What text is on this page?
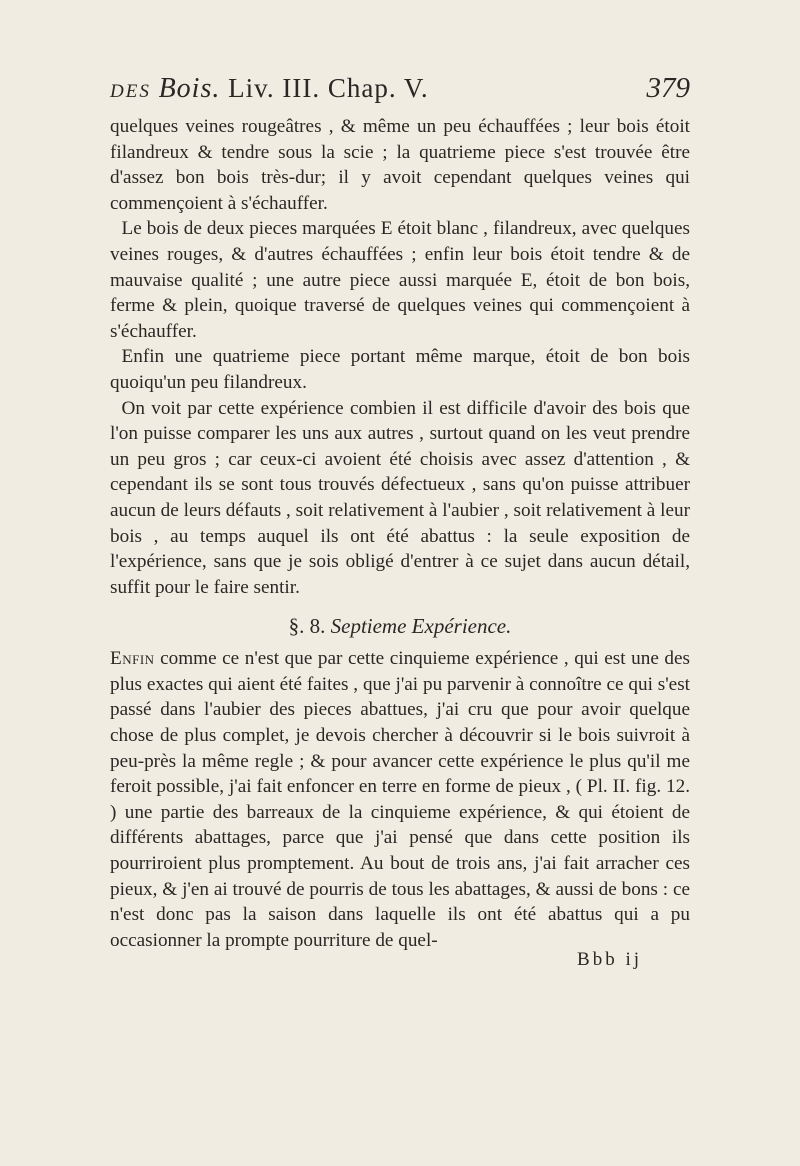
DES Bois. Liv. III. Chap. V.	379

quelques veines rougeâtres , & même un peu échauffées ; leur bois étoit filandreux & tendre sous la scie ; la quatrieme piece s'est trouvée être d'assez bon bois très-dur; il y avoit cependant quelques veines qui commençoient à s'échauffer.

Le bois de deux pieces marquées E étoit blanc , filandreux, avec quelques veines rouges, & d'autres échauffées ; enfin leur bois étoit tendre & de mauvaise qualité ; une autre piece aussi marquée E, étoit de bon bois, ferme & plein, quoique traversé de quelques veines qui commençoient à s'échauffer.

Enfin une quatrieme piece portant même marque, étoit de bon bois quoiqu'un peu filandreux.

On voit par cette expérience combien il est difficile d'avoir des bois que l'on puisse comparer les uns aux autres , surtout quand on les veut prendre un peu gros ; car ceux-ci avoient été choisis avec assez d'attention , & cependant ils se sont tous trouvés défectueux , sans qu'on puisse attribuer aucun de leurs défauts , soit relativement à l'aubier , soit relativement à leur bois , au temps auquel ils ont été abattus : la seule exposition de l'expérience, sans que je sois obligé d'entrer à ce sujet dans aucun détail, suffit pour le faire sentir.

§. 8. Septieme Expérience.

Enfin comme ce n'est que par cette cinquieme expérience , qui est une des plus exactes qui aient été faites , que j'ai pu parvenir à connoître ce qui s'est passé dans l'aubier des pieces abattues, j'ai cru que pour avoir quelque chose de plus complet, je devois chercher à découvrir si le bois suivroit à peu-près la même regle ; & pour avancer cette expérience le plus qu'il me feroit possible, j'ai fait enfoncer en terre en forme de pieux , ( Pl. II. fig. 12. ) une partie des barreaux de la cinquieme expérience, & qui étoient de différents abattages, parce que j'ai pensé que dans cette position ils pourriroient plus promptement. Au bout de trois ans, j'ai fait arracher ces pieux, & j'en ai trouvé de pourris de tous les abattages, & aussi de bons : ce n'est donc pas la saison dans laquelle ils ont été abattus qui a pu occasionner la prompte pourriture de quel-

Bbb ij
